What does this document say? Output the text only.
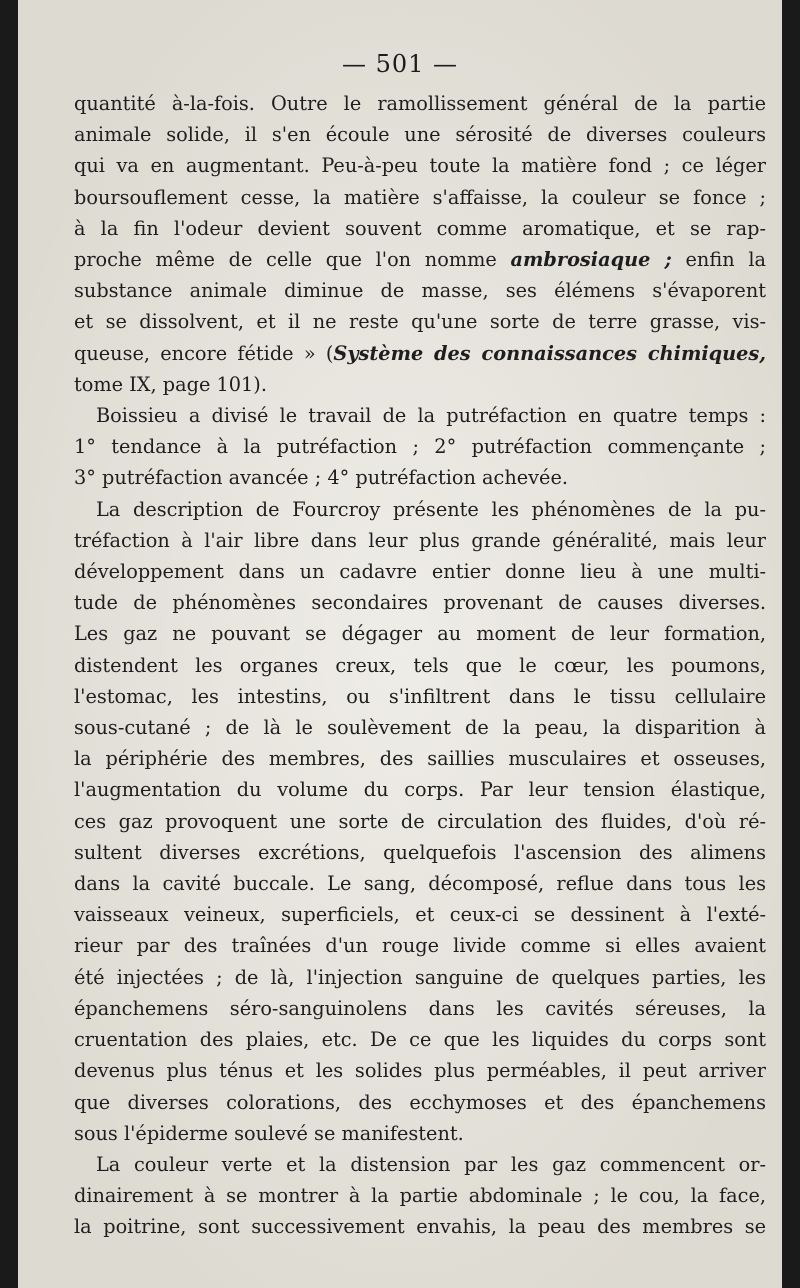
— 501 —

quantité à-la-fois. Outre le ramollissement général de la partie

animale solide, il s'en écoule une sérosité de diverses couleurs

qui va en augmentant. Peu-à-peu toute la matière fond ; ce léger

boursouflement cesse, la matière s'affaisse, la couleur se fonce ;

à la fin l'odeur devient souvent comme aromatique, et se rap-

proche même de celle que l'on nomme ambrosiaque ; enfin la

substance animale diminue de masse, ses élémens s'évaporent

et se dissolvent, et il ne reste qu'une sorte de terre grasse, vis-

queuse, encore fétide » (Système des connaissances chimiques,

tome IX, page 101).

Boissieu a divisé le travail de la putréfaction en quatre temps :

1° tendance à la putréfaction ; 2° putréfaction commençante ;

3° putréfaction avancée ; 4° putréfaction achevée.

La description de Fourcroy présente les phénomènes de la pu-

tréfaction à l'air libre dans leur plus grande généralité, mais leur

développement dans un cadavre entier donne lieu à une multi-

tude de phénomènes secondaires provenant de causes diverses.

Les gaz ne pouvant se dégager au moment de leur formation,

distendent les organes creux, tels que le cœur, les poumons,

l'estomac, les intestins, ou s'infiltrent dans le tissu cellulaire

sous-cutané ; de là le soulèvement de la peau, la disparition à

la périphérie des membres, des saillies musculaires et osseuses,

l'augmentation du volume du corps. Par leur tension élastique,

ces gaz provoquent une sorte de circulation des fluides, d'où ré-

sultent diverses excrétions, quelquefois l'ascension des alimens

dans la cavité buccale. Le sang, décomposé, reflue dans tous les

vaisseaux veineux, superficiels, et ceux-ci se dessinent à l'exté-

rieur par des traînées d'un rouge livide comme si elles avaient

été injectées ; de là, l'injection sanguine de quelques parties, les

épanchemens séro-sanguinolens dans les cavités séreuses, la

cruentation des plaies, etc. De ce que les liquides du corps sont

devenus plus ténus et les solides plus perméables, il peut arriver

que diverses colorations, des ecchymoses et des épanchemens

sous l'épiderme soulevé se manifestent.

La couleur verte et la distension par les gaz commencent or-

dinairement à se montrer à la partie abdominale ; le cou, la face,

la poitrine, sont successivement envahis, la peau des membres se
